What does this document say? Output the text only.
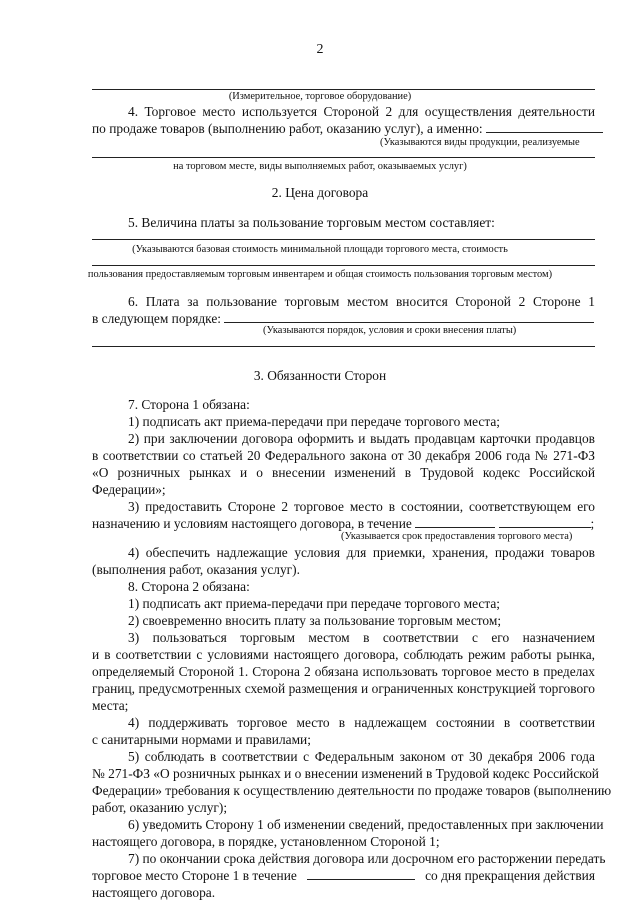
2
(Измерительное, торговое оборудование)
4. Торговое место используется Стороной 2 для осуществления деятельности
по продаже товаров (выполнению работ, оказанию услуг), а именно:
(Указываются виды продукции, реализуемые
на торговом месте, виды выполняемых работ, оказываемых услуг)
2. Цена договора
5. Величина платы за пользование торговым местом составляет:
(Указываются базовая стоимость минимальной площади торгового места, стоимость
пользования предоставляемым торговым инвентарем и общая стоимость пользования торговым местом)
6. Плата за пользование торговым местом вносится Стороной 2 Стороне 1
в следующем порядке:
(Указываются порядок, условия и сроки внесения платы)
3. Обязанности Сторон
7. Сторона 1 обязана:
1) подписать акт приема-передачи при передаче торгового места;
2) при заключении договора оформить и выдать продавцам карточки продавцов
в соответствии со статьей 20 Федерального закона от 30 декабря 2006 года № 271-ФЗ
«О розничных рынках и о внесении изменений в Трудовой кодекс Российской
Федерации»;
3) предоставить Стороне 2 торговое место в состоянии, соответствующем его
назначению и условиям настоящего договора, в течение	;
(Указывается срок предоставления торгового места)
4) обеспечить надлежащие условия для приемки, хранения, продажи товаров
(выполнения работ, оказания услуг).
8. Сторона 2 обязана:
1) подписать акт приема-передачи при передаче торгового места;
2) своевременно вносить плату за пользование торговым местом;
3) пользоваться торговым местом в соответствии с его назначением
и в соответствии с условиями настоящего договора, соблюдать режим работы рынка,
определяемый Стороной 1. Сторона 2 обязана использовать торговое место в пределах
границ, предусмотренных схемой размещения и ограниченных конструкцией торгового
места;
4) поддерживать торговое место в надлежащем состоянии в соответствии
с санитарными нормами и правилами;
5) соблюдать в соответствии с Федеральным законом от 30 декабря 2006 года
№ 271-ФЗ «О розничных рынках и о внесении изменений в Трудовой кодекс Российской
Федерации» требования к осуществлению деятельности по продаже товаров (выполнению
работ, оказанию услуг);
6) уведомить Сторону 1 об изменении сведений, предоставленных при заключении
настоящего договора, в порядке, установленном Стороной 1;
7) по окончании срока действия договора или досрочном его расторжении передать
торговое место Стороне 1 в течение	со дня прекращения действия
настоящего договора.
